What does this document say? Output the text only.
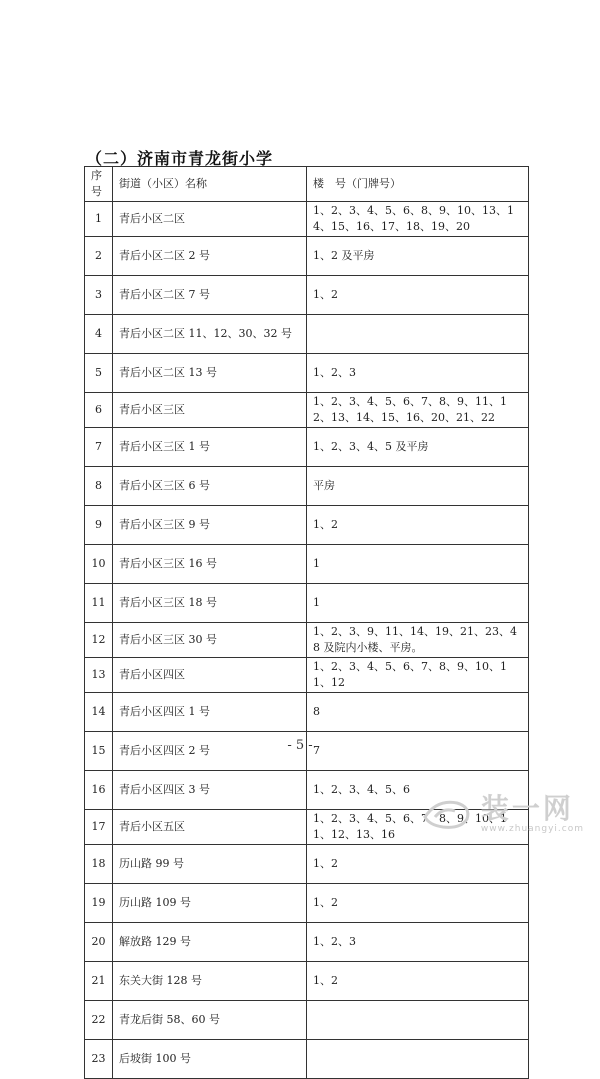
（二）济南市青龙街小学
序号	街道（小区）名称	楼　号（门牌号）
1	青后小区二区	1、2、3、4、5、6、8、9、10、13、14、15、16、17、18、19、20
2	青后小区二区 2 号	1、2 及平房
3	青后小区二区 7 号	1、2
4	青后小区二区 11、12、30、32 号	
5	青后小区二区 13 号	1、2、3
6	青后小区三区	1、2、3、4、5、6、7、8、9、11、12、13、14、15、16、20、21、22
7	青后小区三区 1 号	1、2、3、4、5 及平房
8	青后小区三区 6 号	平房
9	青后小区三区 9 号	1、2
10	青后小区三区 16 号	1
11	青后小区三区 18 号	1
12	青后小区三区 30 号	1、2、3、9、11、14、19、21、23、48 及院内小楼、平房。
13	青后小区四区	1、2、3、4、5、6、7、8、9、10、11、12
14	青后小区四区 1 号	8
15	青后小区四区 2 号	7
16	青后小区四区 3 号	1、2、3、4、5、6
17	青后小区五区	1、2、3、4、5、6、7、8、9、10、11、12、13、16
18	历山路 99 号	1、2
19	历山路 109 号	1、2
20	解放路 129 号	1、2、3
21	东关大街 128 号	1、2
22	青龙后街 58、60 号	
23	后坡街 100 号	
- 5 -
装一网
www.zhuangyi.com
